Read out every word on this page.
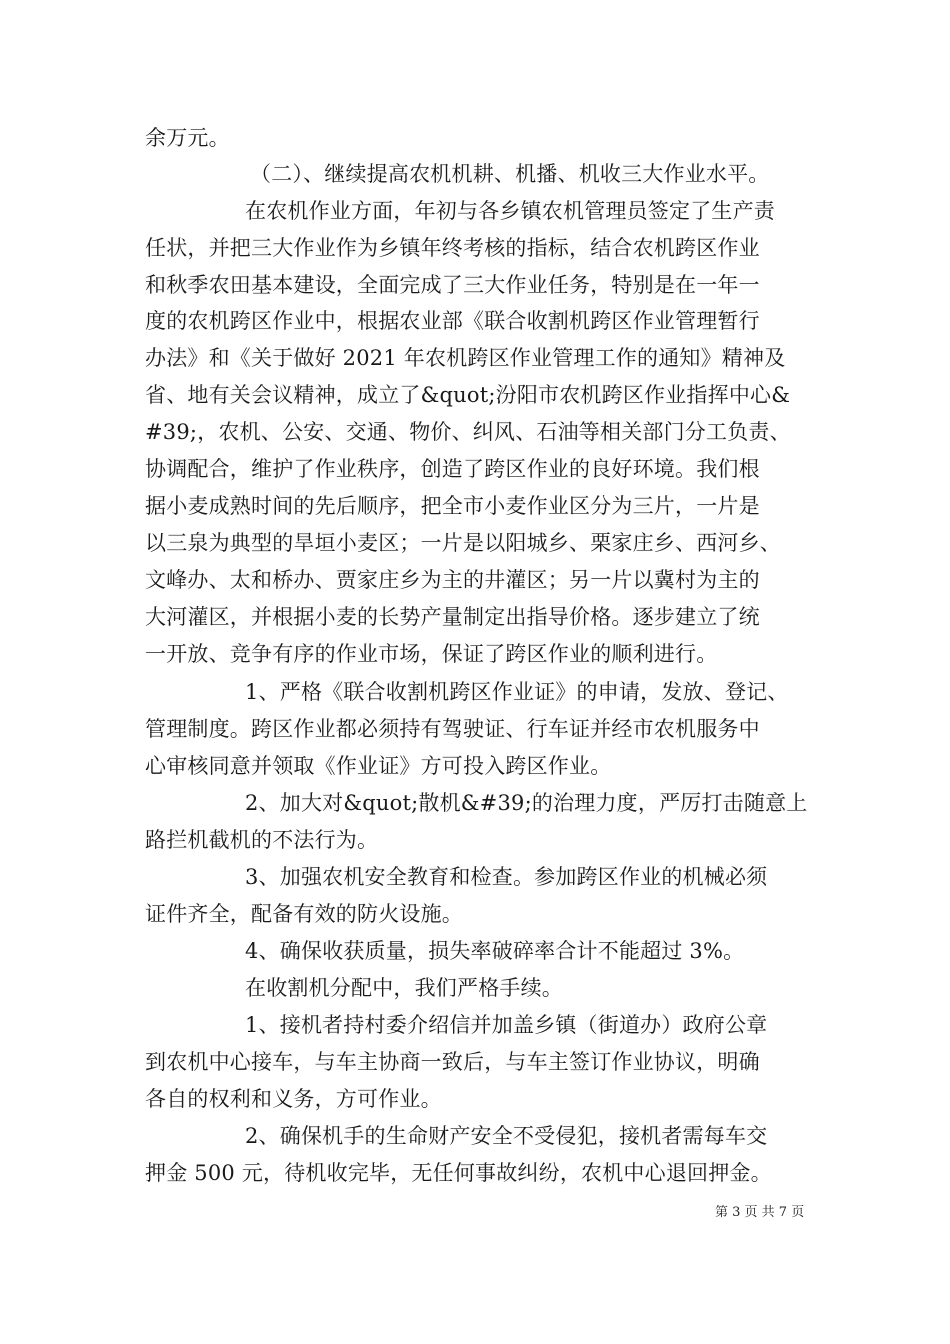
余万元。
（二）、继续提高农机机耕、机播、机收三大作业水平。
在农机作业方面，年初与各乡镇农机管理员签定了生产责
任状，并把三大作业作为乡镇年终考核的指标，结合农机跨区作业
和秋季农田基本建设，全面完成了三大作业任务，特别是在一年一
度的农机跨区作业中，根据农业部《联合收割机跨区作业管理暂行
办法》和《关于做好 2021 年农机跨区作业管理工作的通知》精神及
省、地有关会议精神，成立了&quot;汾阳市农机跨区作业指挥中心&
#39;，农机、公安、交通、物价、纠风、石油等相关部门分工负责、
协调配合，维护了作业秩序，创造了跨区作业的良好环境。我们根
据小麦成熟时间的先后顺序，把全市小麦作业区分为三片，一片是
以三泉为典型的旱垣小麦区；一片是以阳城乡、栗家庄乡、西河乡、
文峰办、太和桥办、贾家庄乡为主的井灌区；另一片以冀村为主的
大河灌区，并根据小麦的长势产量制定出指导价格。逐步建立了统
一开放、竞争有序的作业市场，保证了跨区作业的顺利进行。
1、严格《联合收割机跨区作业证》的申请，发放、登记、
管理制度。跨区作业都必须持有驾驶证、行车证并经市农机服务中
心审核同意并领取《作业证》方可投入跨区作业。
2、加大对&quot;散机&#39;的治理力度，严厉打击随意上
路拦机截机的不法行为。
3、加强农机安全教育和检查。参加跨区作业的机械必须
证件齐全，配备有效的防火设施。
4、确保收获质量，损失率破碎率合计不能超过 3%。
在收割机分配中，我们严格手续。
1、接机者持村委介绍信并加盖乡镇（街道办）政府公章
到农机中心接车，与车主协商一致后，与车主签订作业协议，明确
各自的权利和义务，方可作业。
2、确保机手的生命财产安全不受侵犯，接机者需每车交
押金 500 元，待机收完毕，无任何事故纠纷，农机中心退回押金。
第 3 页 共 7 页
